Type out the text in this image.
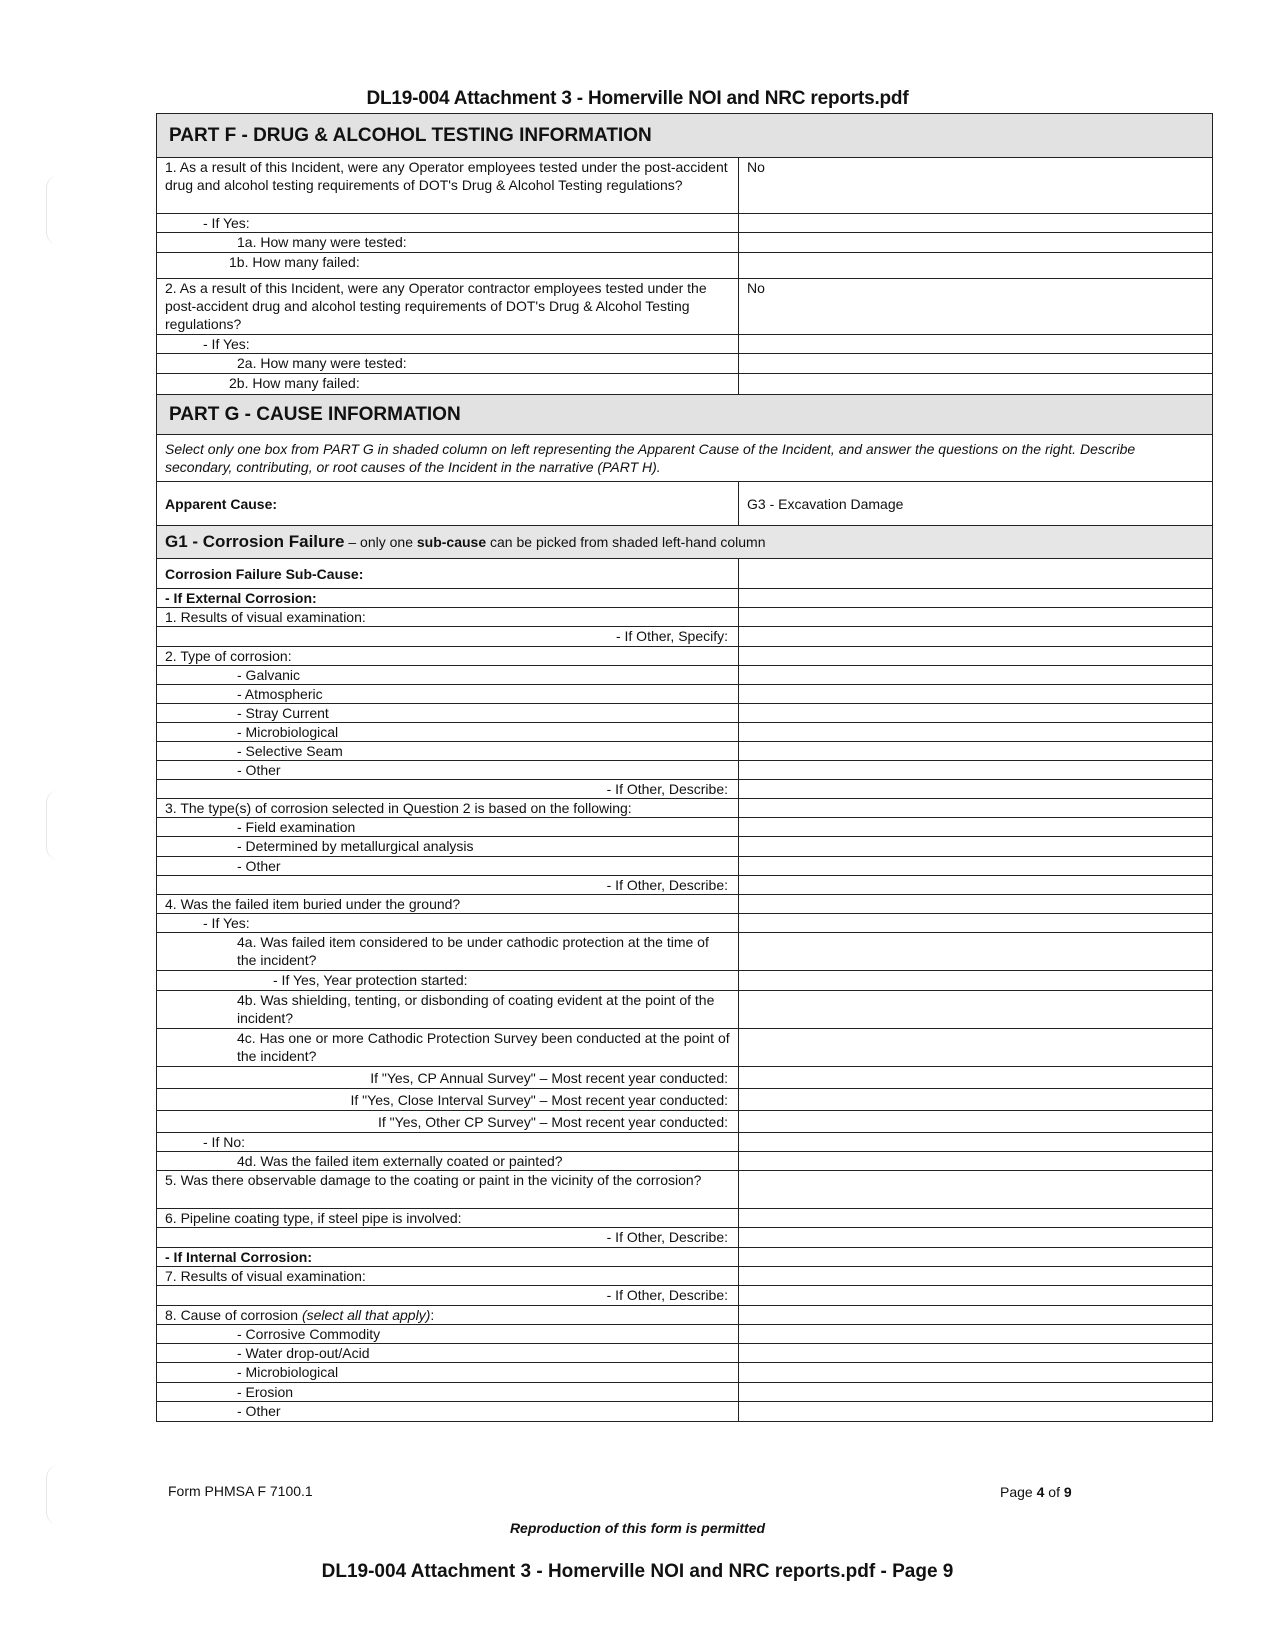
DL19-004 Attachment 3 - Homerville NOI and NRC reports.pdf
PART F - DRUG & ALCOHOL TESTING INFORMATION	
1. As a result of this Incident, were any Operator employees tested under the post-accident drug and alcohol testing requirements of DOT's Drug & Alcohol Testing regulations?	No
- If Yes:	
1a. How many were tested:	
1b. How many failed:	
2. As a result of this Incident, were any Operator contractor employees tested under the post-accident drug and alcohol testing requirements of DOT's Drug & Alcohol Testing regulations?	No
- If Yes:	
2a. How many were tested:	
2b. How many failed:	
PART G - CAUSE INFORMATION	
Select only one box from PART G in shaded column on left representing the Apparent Cause of the Incident, and answer the questions on the right. Describe secondary, contributing, or root causes of the Incident in the narrative (PART H).	
Apparent Cause:	G3 - Excavation Damage
G1 - Corrosion Failure – only one sub-cause can be picked from shaded left-hand column	
Corrosion Failure Sub-Cause:	
- If External Corrosion:	
1. Results of visual examination:	
- If Other, Specify:	
2. Type of corrosion:	
- Galvanic	
- Atmospheric	
- Stray Current	
- Microbiological	
- Selective Seam	
- Other	
- If Other, Describe:	
3. The type(s) of corrosion selected in Question 2 is based on the following:	
- Field examination	
- Determined by metallurgical analysis	
- Other	
- If Other, Describe:	
4. Was the failed item buried under the ground?	
- If Yes:	
4a. Was failed item considered to be under cathodic protection at the time of the incident?	
- If Yes, Year protection started:	
4b. Was shielding, tenting, or disbonding of coating evident at the point of the incident?	
4c. Has one or more Cathodic Protection Survey been conducted at the point of the incident?	
If "Yes, CP Annual Survey" – Most recent year conducted:	
If "Yes, Close Interval Survey" – Most recent year conducted:	
If "Yes, Other CP Survey" – Most recent year conducted:	
- If No:	
4d. Was the failed item externally coated or painted?	
5. Was there observable damage to the coating or paint in the vicinity of the corrosion?	
6. Pipeline coating type, if steel pipe is involved:	
- If Other, Describe:	
- If Internal Corrosion:	
7. Results of visual examination:	
- If Other, Describe:	
8. Cause of corrosion (select all that apply):	
- Corrosive Commodity	
- Water drop-out/Acid	
- Microbiological	
- Erosion	
- Other	
Form PHMSA F 7100.1	Page 4 of 9
Reproduction of this form is permitted
DL19-004 Attachment 3 - Homerville NOI and NRC reports.pdf - Page 9
